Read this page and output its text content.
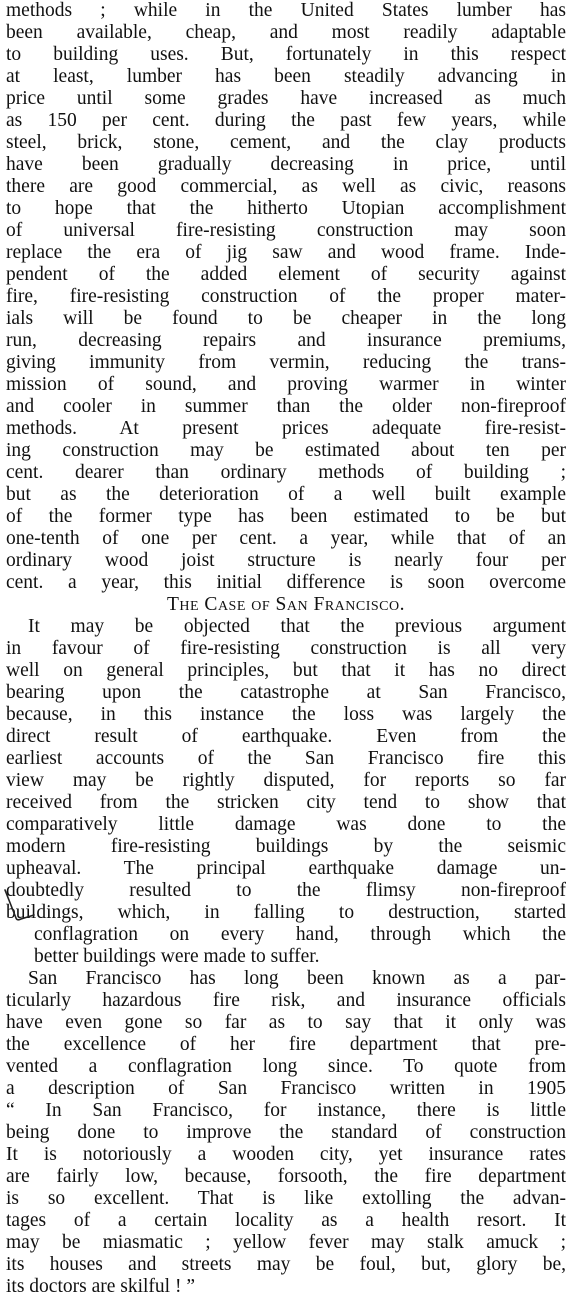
methods ; while in the United States lumber has
been available, cheap, and most readily adaptable
to building uses. But, fortunately in this respect
at least, lumber has been steadily advancing in
price until some grades have increased as much
as 150 per cent. during the past few years, while
steel, brick, stone, cement, and the clay products
have been gradually decreasing in price, until
there are good commercial, as well as civic, reasons
to hope that the hitherto Utopian accomplishment
of universal fire-resisting construction may soon
replace the era of jig saw and wood frame. Inde-
pendent of the added element of security against
fire, fire-resisting construction of the proper mater-
ials will be found to be cheaper in the long
run, decreasing repairs and insurance premiums,
giving immunity from vermin, reducing the trans-
mission of sound, and proving warmer in winter
and cooler in summer than the older non-fireproof
methods. At present prices adequate fire-resist-
ing construction may be estimated about ten per
cent. dearer than ordinary methods of building ;
but as the deterioration of a well built example
of the former type has been estimated to be but
one-tenth of one per cent. a year, while that of an
ordinary wood joist structure is nearly four per
cent. a year, this initial difference is soon overcome
The Case of San Francisco.
It may be objected that the previous argument
in favour of fire-resisting construction is all very
well on general principles, but that it has no direct
bearing upon the catastrophe at San Francisco,
because, in this instance the loss was largely the
direct result of earthquake. Even from the
earliest accounts of the San Francisco fire this
view may be rightly disputed, for reports so far
received from the stricken city tend to show that
comparatively little damage was done to the
modern fire-resisting buildings by the seismic
upheaval. The principal earthquake damage un-
doubtedly resulted to the flimsy non-fireproof
buildings, which, in falling to destruction, started
conflagration on every hand, through which the
better buildings were made to suffer.
San Francisco has long been known as a par-
ticularly hazardous fire risk, and insurance officials
have even gone so far as to say that it only was
the excellence of her fire department that pre-
vented a conflagration long since. To quote from
a description of San Francisco written in 1905
“ In San Francisco, for instance, there is little
being done to improve the standard of construction
It is notoriously a wooden city, yet insurance rates
are fairly low, because, forsooth, the fire department
is so excellent. That is like extolling the advan-
tages of a certain locality as a health resort. It
may be miasmatic ; yellow fever may stalk amuck ;
its houses and streets may be foul, but, glory be,
its doctors are skilful ! ”
